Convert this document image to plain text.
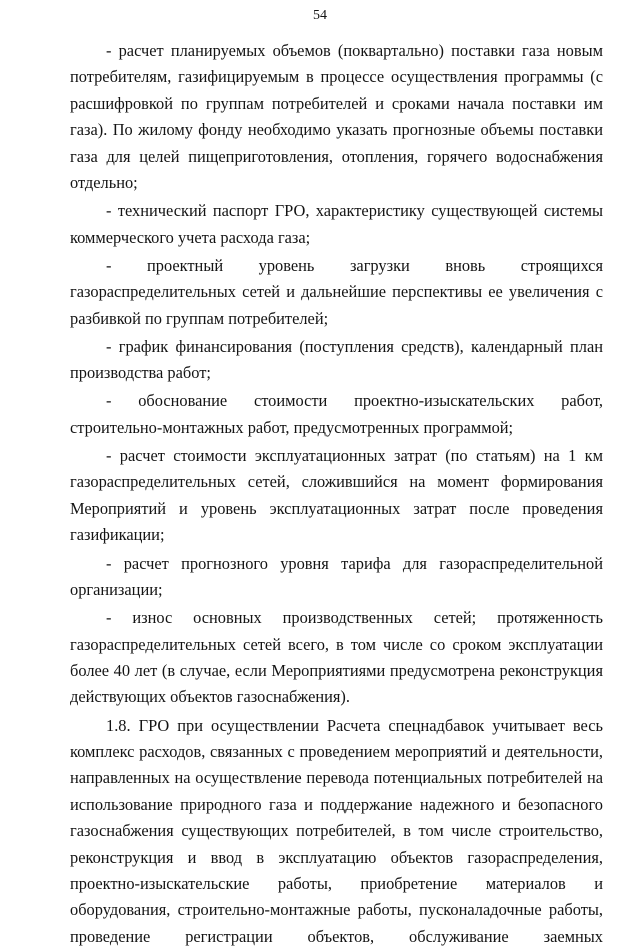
54

- расчет планируемых объемов (поквартально) поставки газа новым потребителям, газифицируемым в процессе осуществления программы (с расшифровкой по группам потребителей и сроками начала поставки им газа). По жилому фонду необходимо указать прогнозные объемы поставки газа для целей пищеприготовления, отопления, горячего водоснабжения отдельно;

- технический паспорт ГРО, характеристику существующей системы коммерческого учета расхода газа;

- проектный уровень загрузки вновь строящихся газораспределительных сетей и дальнейшие перспективы ее увеличения с разбивкой по группам потребителей;

- график финансирования (поступления средств), календарный план производства работ;

- обоснование стоимости проектно-изыскательских работ, строительно-монтажных работ, предусмотренных программой;

- расчет стоимости эксплуатационных затрат (по статьям) на 1 км газораспределительных сетей, сложившийся на момент формирования Мероприятий и уровень эксплуатационных затрат после проведения газификации;

- расчет прогнозного уровня тарифа для газораспределительной организации;

- износ основных производственных сетей; протяженность газораспределительных сетей всего, в том числе со сроком эксплуатации более 40 лет (в случае, если Мероприятиями предусмотрена реконструкция действующих объектов газоснабжения).

1.8. ГРО при осуществлении Расчета спецнадбавок учитывает весь комплекс расходов, связанных с проведением мероприятий и деятельности, направленных на осуществление перевода потенциальных потребителей на использование природного газа и поддержание надежного и безопасного газоснабжения существующих потребителей, в том числе строительство, реконструкция и ввод в эксплуатацию объектов газораспределения, проектно-изыскательские работы, приобретение материалов и оборудования, строительно-монтажные работы, пусконаладочные работы, проведение регистрации объектов, обслуживание заемных
